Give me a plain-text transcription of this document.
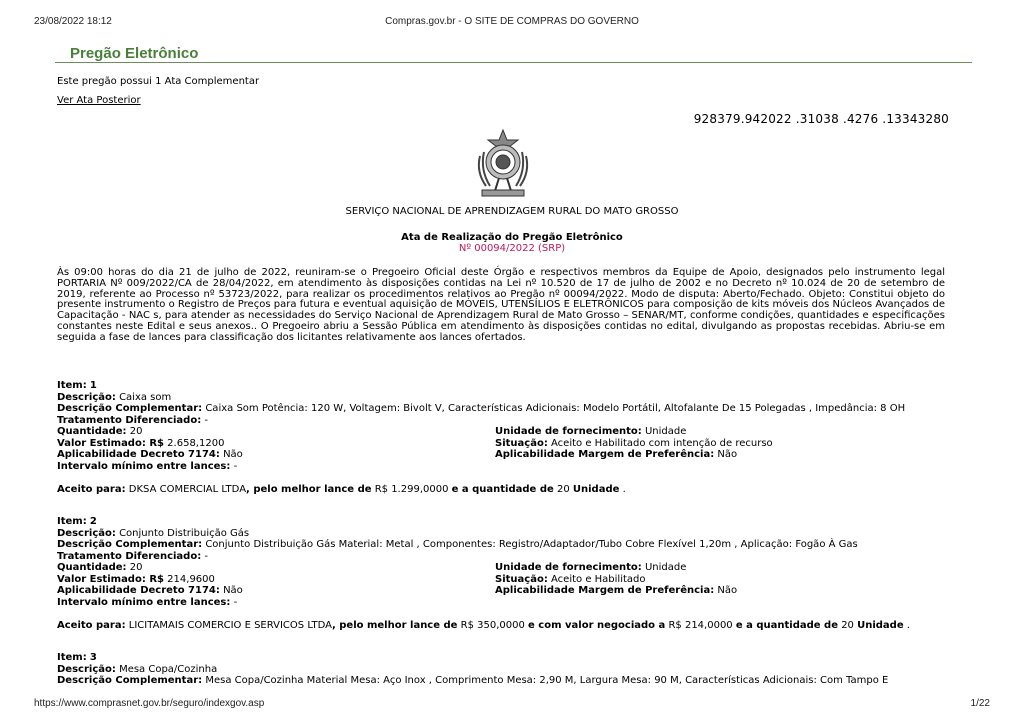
23/08/2022 18:12	Compras.gov.br - O SITE DE COMPRAS DO GOVERNO
Pregão Eletrônico
Este pregão possui 1 Ata Complementar
Ver Ata Posterior
928379.942022 .31038 .4276 .13343280
SERVIÇO NACIONAL DE APRENDIZAGEM RURAL DO MATO GROSSO
Ata de Realização do Pregão Eletrônico
Nº 00094/2022 (SRP)

Às 09:00 horas do dia 21 de julho de 2022, reuniram-se o Pregoeiro Oficial deste Órgão e respectivos membros da Equipe de Apoio, designados pelo instrumento legal PORTARIA Nº 009/2022/CA de 28/04/2022, em atendimento às disposições contidas na Lei nº 10.520 de 17 de julho de 2002 e no Decreto nº 10.024 de 20 de setembro de 2019, referente ao Processo nº 53723/2022, para realizar os procedimentos relativos ao Pregão nº 00094/2022. Modo de disputa: Aberto/Fechado. Objeto: Constitui objeto do presente instrumento o Registro de Preços para futura e eventual aquisição de MÓVEIS, UTENSÍLIOS E ELETRÔNICOS para composição de kits móveis dos Núcleos Avançados de Capacitação - NAC s, para atender as necessidades do Serviço Nacional de Aprendizagem Rural de Mato Grosso – SENAR/MT, conforme condições, quantidades e especificações constantes neste Edital e seus anexos.. O Pregoeiro abriu a Sessão Pública em atendimento às disposições contidas no edital, divulgando as propostas recebidas. Abriu-se em seguida a fase de lances para classificação dos licitantes relativamente aos lances ofertados.

Item: 1
Descrição: Caixa som
Descrição Complementar: Caixa Som Potência: 120 W, Voltagem: Bivolt V, Características Adicionais: Modelo Portátil, Altofalante De 15 Polegadas , Impedância: 8 OH
Tratamento Diferenciado: -
Quantidade: 20	Unidade de fornecimento: Unidade
Valor Estimado: R$ 2.658,1200	Situação: Aceito e Habilitado com intenção de recurso
Aplicabilidade Decreto 7174: Não	Aplicabilidade Margem de Preferência: Não
Intervalo mínimo entre lances: -
Aceito para: DKSA COMERCIAL LTDA, pelo melhor lance de R$ 1.299,0000 e a quantidade de 20 Unidade .
Item: 2
Descrição: Conjunto Distribuição Gás
Descrição Complementar: Conjunto Distribuição Gás Material: Metal , Componentes: Registro/Adaptador/Tubo Cobre Flexível 1,20m , Aplicação: Fogão À Gas
Tratamento Diferenciado: -
Quantidade: 20	Unidade de fornecimento: Unidade
Valor Estimado: R$ 214,9600	Situação: Aceito e Habilitado
Aplicabilidade Decreto 7174: Não	Aplicabilidade Margem de Preferência: Não
Intervalo mínimo entre lances: -
Aceito para: LICITAMAIS COMERCIO E SERVICOS LTDA, pelo melhor lance de R$ 350,0000 e com valor negociado a R$ 214,0000 e a quantidade de 20 Unidade .
Item: 3
Descrição: Mesa Copa/Cozinha
Descrição Complementar: Mesa Copa/Cozinha Material Mesa: Aço Inox , Comprimento Mesa: 2,90 M, Largura Mesa: 90 M, Características Adicionais: Com Tampo E
https://www.comprasnet.gov.br/seguro/indexgov.asp	1/22
